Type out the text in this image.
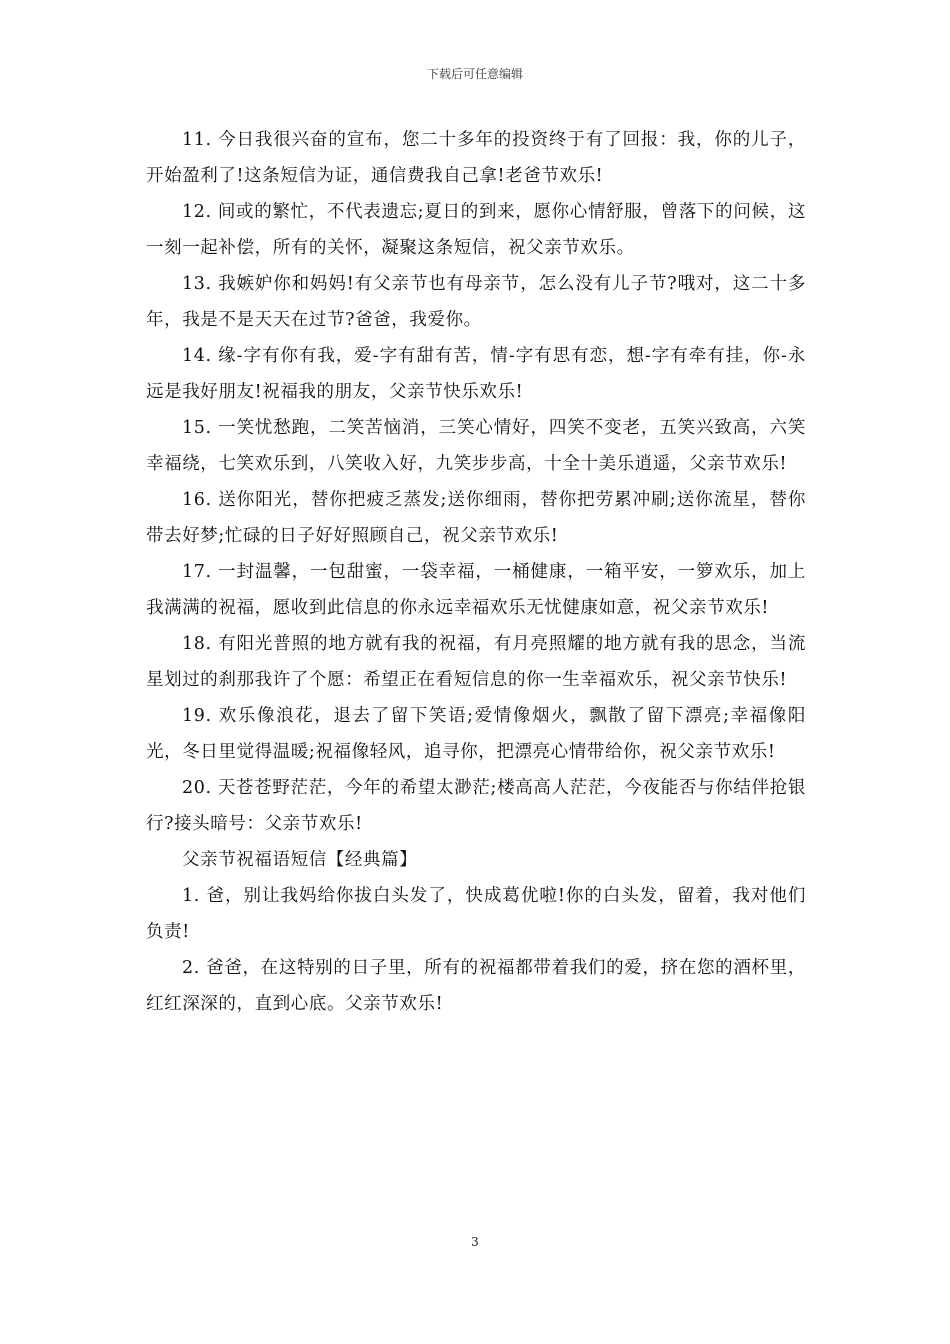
下载后可任意编辑

11. 今日我很兴奋的宣布，您二十多年的投资终于有了回报：我，你的儿子，开始盈利了!这条短信为证，通信费我自己拿!老爸节欢乐!

12. 间或的繁忙，不代表遗忘;夏日的到来，愿你心情舒服，曾落下的问候，这一刻一起补偿，所有的关怀，凝聚这条短信，祝父亲节欢乐。

13. 我嫉妒你和妈妈!有父亲节也有母亲节，怎么没有儿子节?哦对，这二十多年，我是不是天天在过节?爸爸，我爱你。

14. 缘-字有你有我，爱-字有甜有苦，情-字有思有恋，想-字有牵有挂，你-永远是我好朋友!祝福我的朋友，父亲节快乐欢乐!

15. 一笑忧愁跑，二笑苦恼消，三笑心情好，四笑不变老，五笑兴致高，六笑幸福绕，七笑欢乐到，八笑收入好，九笑步步高，十全十美乐逍遥，父亲节欢乐!

16. 送你阳光，替你把疲乏蒸发;送你细雨，替你把劳累冲刷;送你流星，替你带去好梦;忙碌的日子好好照顾自己，祝父亲节欢乐!

17. 一封温馨，一包甜蜜，一袋幸福，一桶健康，一箱平安，一箩欢乐，加上我满满的祝福，愿收到此信息的你永远幸福欢乐无忧健康如意，祝父亲节欢乐!

18. 有阳光普照的地方就有我的祝福，有月亮照耀的地方就有我的思念，当流星划过的刹那我许了个愿：希望正在看短信息的你一生幸福欢乐，祝父亲节快乐!

19. 欢乐像浪花，退去了留下笑语;爱情像烟火，飘散了留下漂亮;幸福像阳光，冬日里觉得温暖;祝福像轻风，追寻你，把漂亮心情带给你，祝父亲节欢乐!

20. 天苍苍野茫茫，今年的希望太渺茫;楼高高人茫茫，今夜能否与你结伴抢银行?接头暗号：父亲节欢乐!

父亲节祝福语短信【经典篇】

1. 爸，别让我妈给你拔白头发了，快成葛优啦!你的白头发，留着，我对他们负责!

2. 爸爸，在这特别的日子里，所有的祝福都带着我们的爱，挤在您的酒杯里，红红深深的，直到心底。父亲节欢乐!

3
